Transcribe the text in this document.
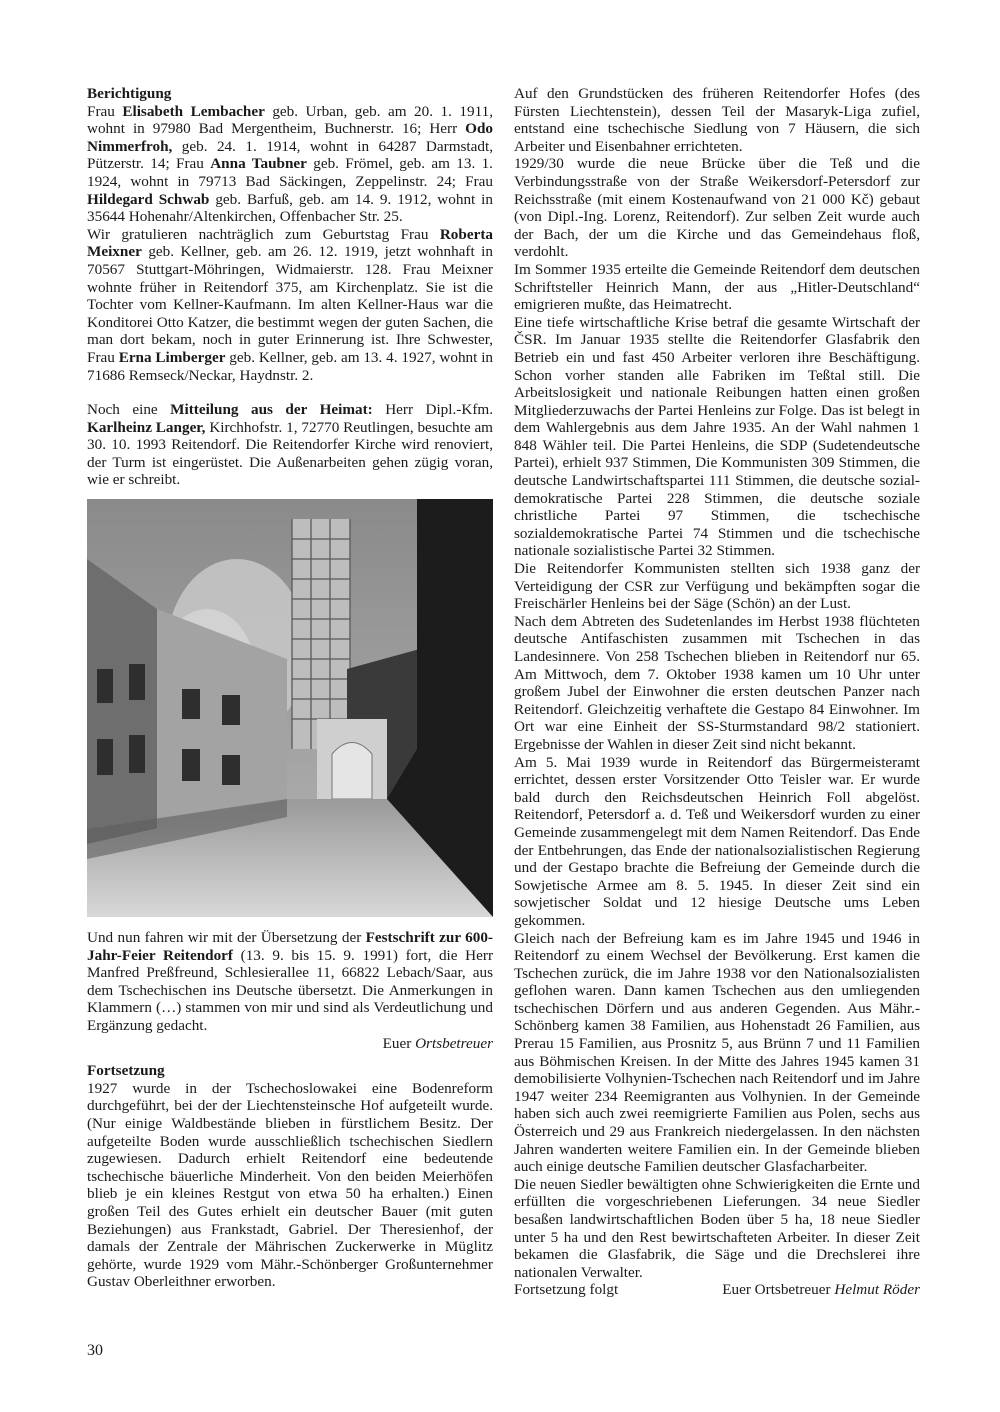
Berichtigung

Frau Elisabeth Lembacher geb. Urban, geb. am 20. 1. 1911, wohnt in 97980 Bad Mergentheim, Buchnerstr. 16; Herr Odo Nimmerfroh, geb. 24. 1. 1914, wohnt in 64287 Darmstadt, Pützerstr. 14; Frau Anna Taubner geb. Frömel, geb. am 13. 1. 1924, wohnt in 79713 Bad Säckingen, Zeppelinstr. 24; Frau Hildegard Schwab geb. Barfuß, geb. am 14. 9. 1912, wohnt in 35644 Hohenahr/Altenkirchen, Offenbacher Str. 25.

Wir gratulieren nachträglich zum Geburtstag Frau Roberta Meixner geb. Kellner, geb. am 26. 12. 1919, jetzt wohnhaft in 70567 Stuttgart-Möhringen, Widmaierstr. 128. Frau Meixner wohnte früher in Reitendorf 375, am Kirchenplatz. Sie ist die Tochter vom Kellner-Kaufmann. Im alten Kellner-Haus war die Konditorei Otto Katzer, die bestimmt wegen der guten Sachen, die man dort bekam, noch in guter Erinnerung ist. Ihre Schwester, Frau Erna Limberger geb. Kellner, geb. am 13. 4. 1927, wohnt in 71686 Remseck/Neckar, Haydnstr. 2.

Noch eine Mitteilung aus der Heimat: Herr Dipl.-Kfm. Karlheinz Langer, Kirchhofstr. 1, 72770 Reutlingen, besuchte am 30. 10. 1993 Reitendorf. Die Reitendorfer Kirche wird renoviert, der Turm ist eingerüstet. Die Außenarbeiten gehen zügig voran, wie er schreibt.

Und nun fahren wir mit der Übersetzung der Festschrift zur 600-Jahr-Feier Reitendorf (13. 9. bis 15. 9. 1991) fort, die Herr Manfred Preßfreund, Schlesierallee 11, 66822 Lebach/Saar, aus dem Tschechischen ins Deutsche übersetzt. Die Anmerkungen in Klammern (…) stammen von mir und sind als Verdeutlichung und Ergänzung gedacht.

Euer Ortsbetreuer

Fortsetzung

1927 wurde in der Tschechoslowakei eine Bodenreform durchgeführt, bei der der Liechtensteinsche Hof aufgeteilt wurde. (Nur einige Waldbestände blieben in fürstlichem Besitz. Der aufgeteilte Boden wurde ausschließlich tschechischen Siedlern zugewiesen. Dadurch erhielt Reitendorf eine bedeutende tschechische bäuerliche Minderheit. Von den beiden Meierhöfen blieb je ein kleines Restgut von etwa 50 ha erhalten.) Einen großen Teil des Gutes erhielt ein deutscher Bauer (mit guten Beziehungen) aus Frankstadt, Gabriel. Der Theresienhof, der damals der Zentrale der Mährischen Zuckerwerke in Müglitz gehörte, wurde 1929 vom Mähr.-Schönberger Großunternehmer Gustav Oberleithner erworben.

Auf den Grundstücken des früheren Reitendorfer Hofes (des Fürsten Liechtenstein), dessen Teil der Masaryk-Liga zufiel, entstand eine tschechische Siedlung von 7 Häusern, die sich Arbeiter und Eisenbahner errichteten.

1929/30 wurde die neue Brücke über die Teß und die Verbindungsstraße von der Straße Weikersdorf-Petersdorf zur Reichsstraße (mit einem Kostenaufwand von 21 000 Kč) gebaut (von Dipl.-Ing. Lorenz, Reitendorf). Zur selben Zeit wurde auch der Bach, der um die Kirche und das Gemeindehaus floß, verdohlt.

Im Sommer 1935 erteilte die Gemeinde Reitendorf dem deutschen Schriftsteller Heinrich Mann, der aus „Hitler-Deutschland“ emigrieren mußte, das Heimatrecht.

Eine tiefe wirtschaftliche Krise betraf die gesamte Wirtschaft der ČSR. Im Januar 1935 stellte die Reitendorfer Glasfabrik den Betrieb ein und fast 450 Arbeiter verloren ihre Beschäftigung. Schon vorher standen alle Fabriken im Teßtal still. Die Arbeitslosigkeit und nationale Reibungen hatten einen großen Mitgliederzuwachs der Partei Henleins zur Folge. Das ist belegt in dem Wahlergebnis aus dem Jahre 1935. An der Wahl nahmen 1 848 Wähler teil. Die Partei Henleins, die SDP (Sudetendeutsche Partei), erhielt 937 Stimmen, Die Kommunisten 309 Stimmen, die deutsche Landwirtschaftspartei 111 Stimmen, die deutsche sozial-demokratische Partei 228 Stimmen, die deutsche soziale christliche Partei 97 Stimmen, die tschechische sozialdemokratische Partei 74 Stimmen und die tschechische nationale sozialistische Partei 32 Stimmen.

Die Reitendorfer Kommunisten stellten sich 1938 ganz der Verteidigung der CSR zur Verfügung und bekämpften sogar die Freischärler Henleins bei der Säge (Schön) an der Lust.

Nach dem Abtreten des Sudetenlandes im Herbst 1938 flüchteten deutsche Antifaschisten zusammen mit Tschechen in das Landesinnere. Von 258 Tschechen blieben in Reitendorf nur 65. Am Mittwoch, dem 7. Oktober 1938 kamen um 10 Uhr unter großem Jubel der Einwohner die ersten deutschen Panzer nach Reitendorf. Gleichzeitig verhaftete die Gestapo 84 Einwohner. Im Ort war eine Einheit der SS-Sturmstandard 98/2 stationiert. Ergebnisse der Wahlen in dieser Zeit sind nicht bekannt.

Am 5. Mai 1939 wurde in Reitendorf das Bürgermeisteramt errichtet, dessen erster Vorsitzender Otto Teisler war. Er wurde bald durch den Reichsdeutschen Heinrich Foll abgelöst. Reitendorf, Petersdorf a. d. Teß und Weikersdorf wurden zu einer Gemeinde zusammengelegt mit dem Namen Reitendorf. Das Ende der Entbehrungen, das Ende der nationalsozialistischen Regierung und der Gestapo brachte die Befreiung der Gemeinde durch die Sowjetische Armee am 8. 5. 1945. In dieser Zeit sind ein sowjetischer Soldat und 12 hiesige Deutsche ums Leben gekommen.

Gleich nach der Befreiung kam es im Jahre 1945 und 1946 in Reitendorf zu einem Wechsel der Bevölkerung. Erst kamen die Tschechen zurück, die im Jahre 1938 vor den Nationalsozialisten geflohen waren. Dann kamen Tschechen aus den umliegenden tschechischen Dörfern und aus anderen Gegenden. Aus Mähr.-Schönberg kamen 38 Familien, aus Hohenstadt 26 Familien, aus Prerau 15 Familien, aus Prosnitz 5, aus Brünn 7 und 11 Familien aus Böhmischen Kreisen. In der Mitte des Jahres 1945 kamen 31 demobilisierte Volhynien-Tschechen nach Reitendorf und im Jahre 1947 weiter 234 Reemigranten aus Volhynien. In der Gemeinde haben sich auch zwei reemigrierte Familien aus Polen, sechs aus Österreich und 29 aus Frankreich niedergelassen. In den nächsten Jahren wanderten weitere Familien ein. In der Gemeinde blieben auch einige deutsche Familien deutscher Glasfacharbeiter.

Die neuen Siedler bewältigten ohne Schwierigkeiten die Ernte und erfüllten die vorgeschriebenen Lieferungen. 34 neue Siedler besaßen landwirtschaftlichen Boden über 5 ha, 18 neue Siedler unter 5 ha und den Rest bewirtschafteten Arbeiter. In dieser Zeit bekamen die Glasfabrik, die Säge und die Drechslerei ihre nationalen Verwalter.

Fortsetzung folgt	Euer Ortsbetreuer Helmut Röder
30
